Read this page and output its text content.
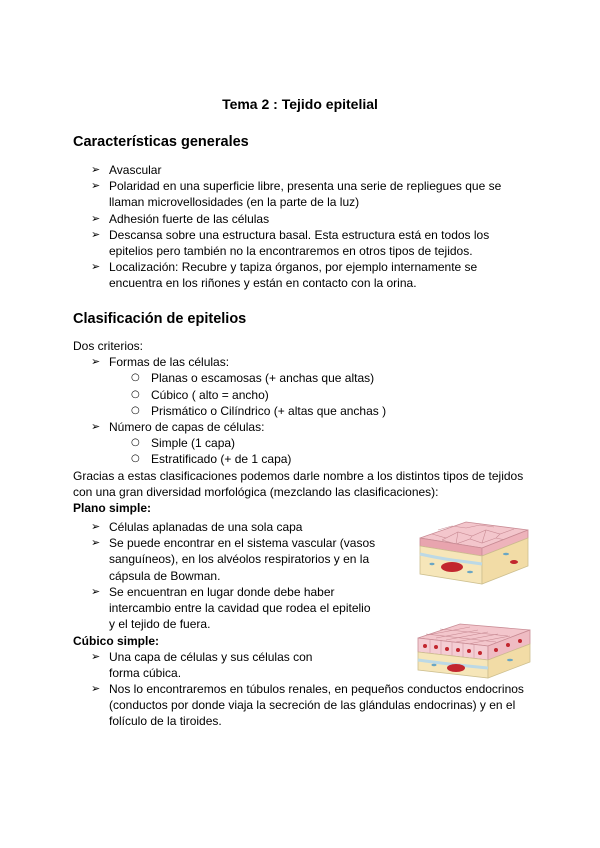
Tema 2 : Tejido epitelial
Características generales
➢ Avascular
➢ Polaridad en una superficie libre, presenta una serie de repliegues que se llaman microvellosidades (en la parte de la luz)
➢ Adhesión fuerte de las células
➢ Descansa sobre una estructura basal. Esta estructura está en todos los epitelios pero también no la encontraremos en otros tipos de tejidos.
➢ Localización: Recubre y tapiza órganos, por ejemplo internamente se encuentra en los riñones y están en contacto con la orina.
Clasificación de epitelios
Dos criterios:
➢ Formas de las células:
○ Planas o escamosas (+ anchas que altas)
○ Cúbico ( alto = ancho)
○ Prismático o Cilíndrico (+ altas que anchas )
➢ Número de capas de células:
○ Simple (1 capa)
○ Estratificado (+ de 1 capa)
Gracias a estas clasificaciones podemos darle nombre a los distintos tipos de tejidos con una gran diversidad morfológica (mezclando las clasificaciones):
Plano simple:
➢ Células aplanadas de una sola capa
➢ Se puede encontrar en el sistema vascular (vasos sanguíneos), en los alvéolos respiratorios y en la cápsula de Bowman.
➢ Se encuentran en lugar donde debe haber intercambio entre la cavidad que rodea el epitelio y el tejido de fuera.
Cúbico simple:
➢ Una capa de células y sus células con forma cúbica.
➢ Nos lo encontraremos en túbulos renales, en pequeños conductos endocrinos (conductos por donde viaja la secreción de las glándulas endocrinas) y en el folículo de la tiroides.
